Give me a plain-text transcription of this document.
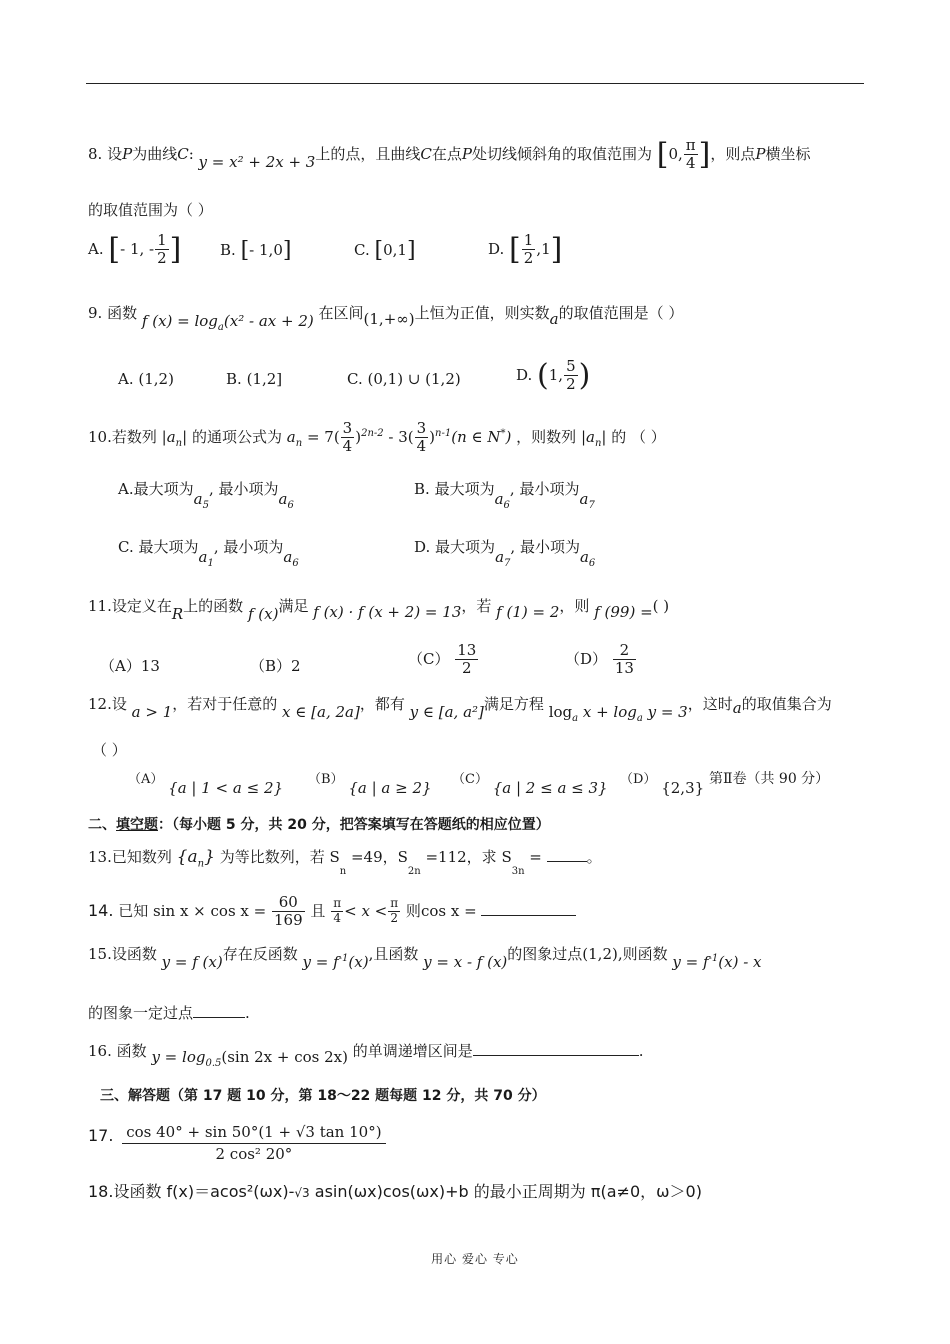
8. 设P为曲线C: y = x² + 2x + 3上的点，且曲线C在点P处切线倾斜角的取值范围为 [0, $\frac{\pi}{4}$ ]，则点P横坐标
的取值范围为（ ）
A. [- 1, - $\frac{1}{2}$ ]	B. [- 1,0]	C. [0,1]	D. [ $\frac{1}{2} ,1$]
9. 函数 f $(x) = \log_a(x^2$ - ax + 2) 在区间(1,+∞)上恒为正值，则实数a的取值范围是（ ）
A. (1,2)	B. (1,2]	C. (0,1) ∪ (1,2)	D. (1, $\frac{5}{2}$ )
10.若数列 $|a_n|$ 的通项公式为 $a_n = 7( \frac{3}{4} )^{2n-2} - 3( \frac{3}{4} )^{n-1}(n$ ∈ N*) ，则数列 $|a_n|$ 的 （ ）
A.最大项为$a_5$, 最小项为$a_6$
B. 最大项为$a_6$, 最小项为$a_7$
C. 最大项为$a_1$, 最小项为$a_6$
D. 最大项为$a_7$, 最小项为$a_6$
11.设定义在R上的函数 f (x)满足 f (x) · f (x + 2) = 13，若 f (1) = 2，则 f (99) =( )
（A）13	（B）2	$(C) \frac{13}{2}$	$(D) \frac{2}{13}$
12.设 a > 1，若对于任意的 x ∈ [a, 2a]，都有 y ∈ [a, a²]满足方程 $\log_a x + \log_a y = 3$，这时a的取值集合为
（ ）
（A） {a | 1 < a ≤ 2} （B） {a | a ≥ 2} （C） {a | 2 ≤ a ≤ 3} （D） {2,3} 第Ⅱ卷（共 90 分）
二、填空题：（每小题 5 分，共 20 分，把答案填写在答题纸的相应位置）
13.已知数列 $\{a_n\}$ 为等比数列，若 $S_n =49$，$S_{2n} =112$，求 $S_{3n}$ =	。
14. 已知 $\sin x \times \cos x = \frac{60}{169}$ 且 $\frac{\pi}{4} < x < \frac{\pi}{2}$ 则cos x =
15.设函数 y = f (x)存在反函数 $y = f^{-1}(x)$,且函数 y = x - f (x)的图象过点(1,2),则函数 $y = f^{-1}(x) - x$
的图象一定过点	.
16. 函数 $y = \log_{0.5}(\sin$ 2x + cos 2x) 的单调递增区间是	.
三、解答题（第 17 题 10 分，第 18～22 题每题 12 分，共 70 分）
17. $\frac{\cos 40^\circ + \sin 50^\circ(1 + √3 \tan 10^\circ)}{\text{2 cos² 20°}}$
18.设函数 f(x)＝acos²(ωx)-√3 asin(ωx)cos(ωx)+b 的最小正周期为 π(a≠0，ω＞0)
用心 爱心 专心
